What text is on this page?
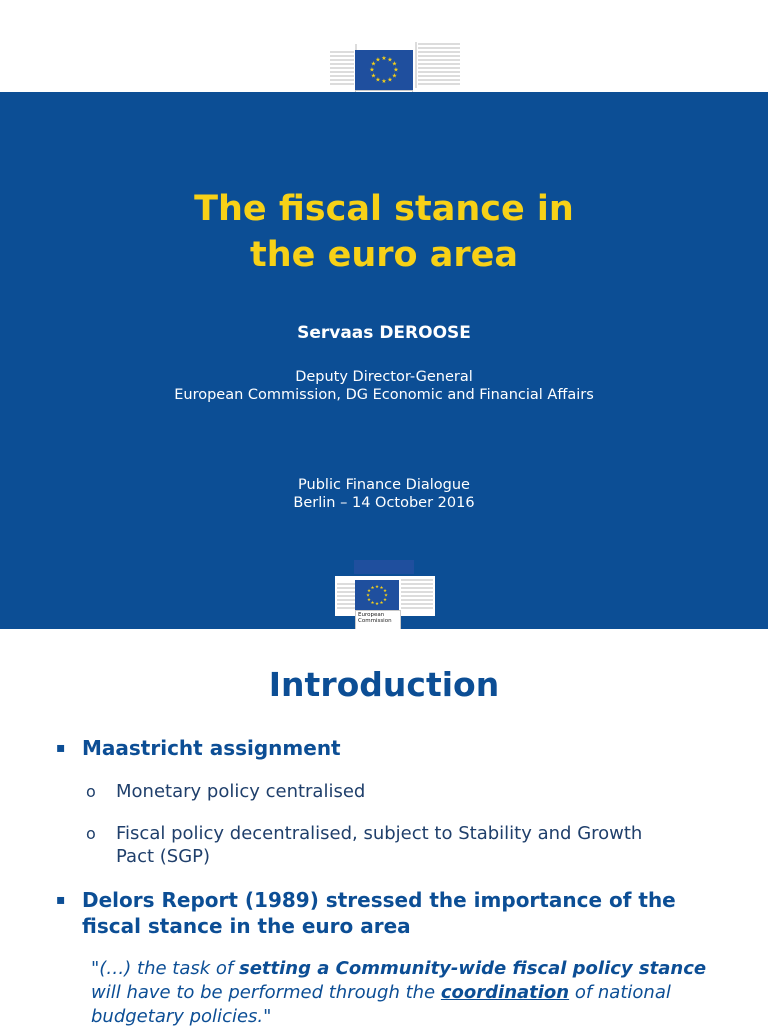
★ ★
★
★
★
★
★
★
★
★
★
★
The fiscal stance in
the euro area
Servaas DEROOSE
Deputy Director-General
European Commission, DG Economic and Financial Affairs
Public Finance Dialogue
Berlin – 14 October 2016
★ ★
★
★
★
★
★
★
★
★
★
★
European
Commission
Introduction
▪ Maastricht assignment
o Monetary policy centralised
o Fiscal policy decentralised, subject to Stability and Growth
Pact (SGP)
▪ Delors Report (1989) stressed the importance of the
fiscal stance in the euro area
"(…) the task of setting a Community-wide fiscal policy stance will have to be performed through the coordination of national budgetary policies."
